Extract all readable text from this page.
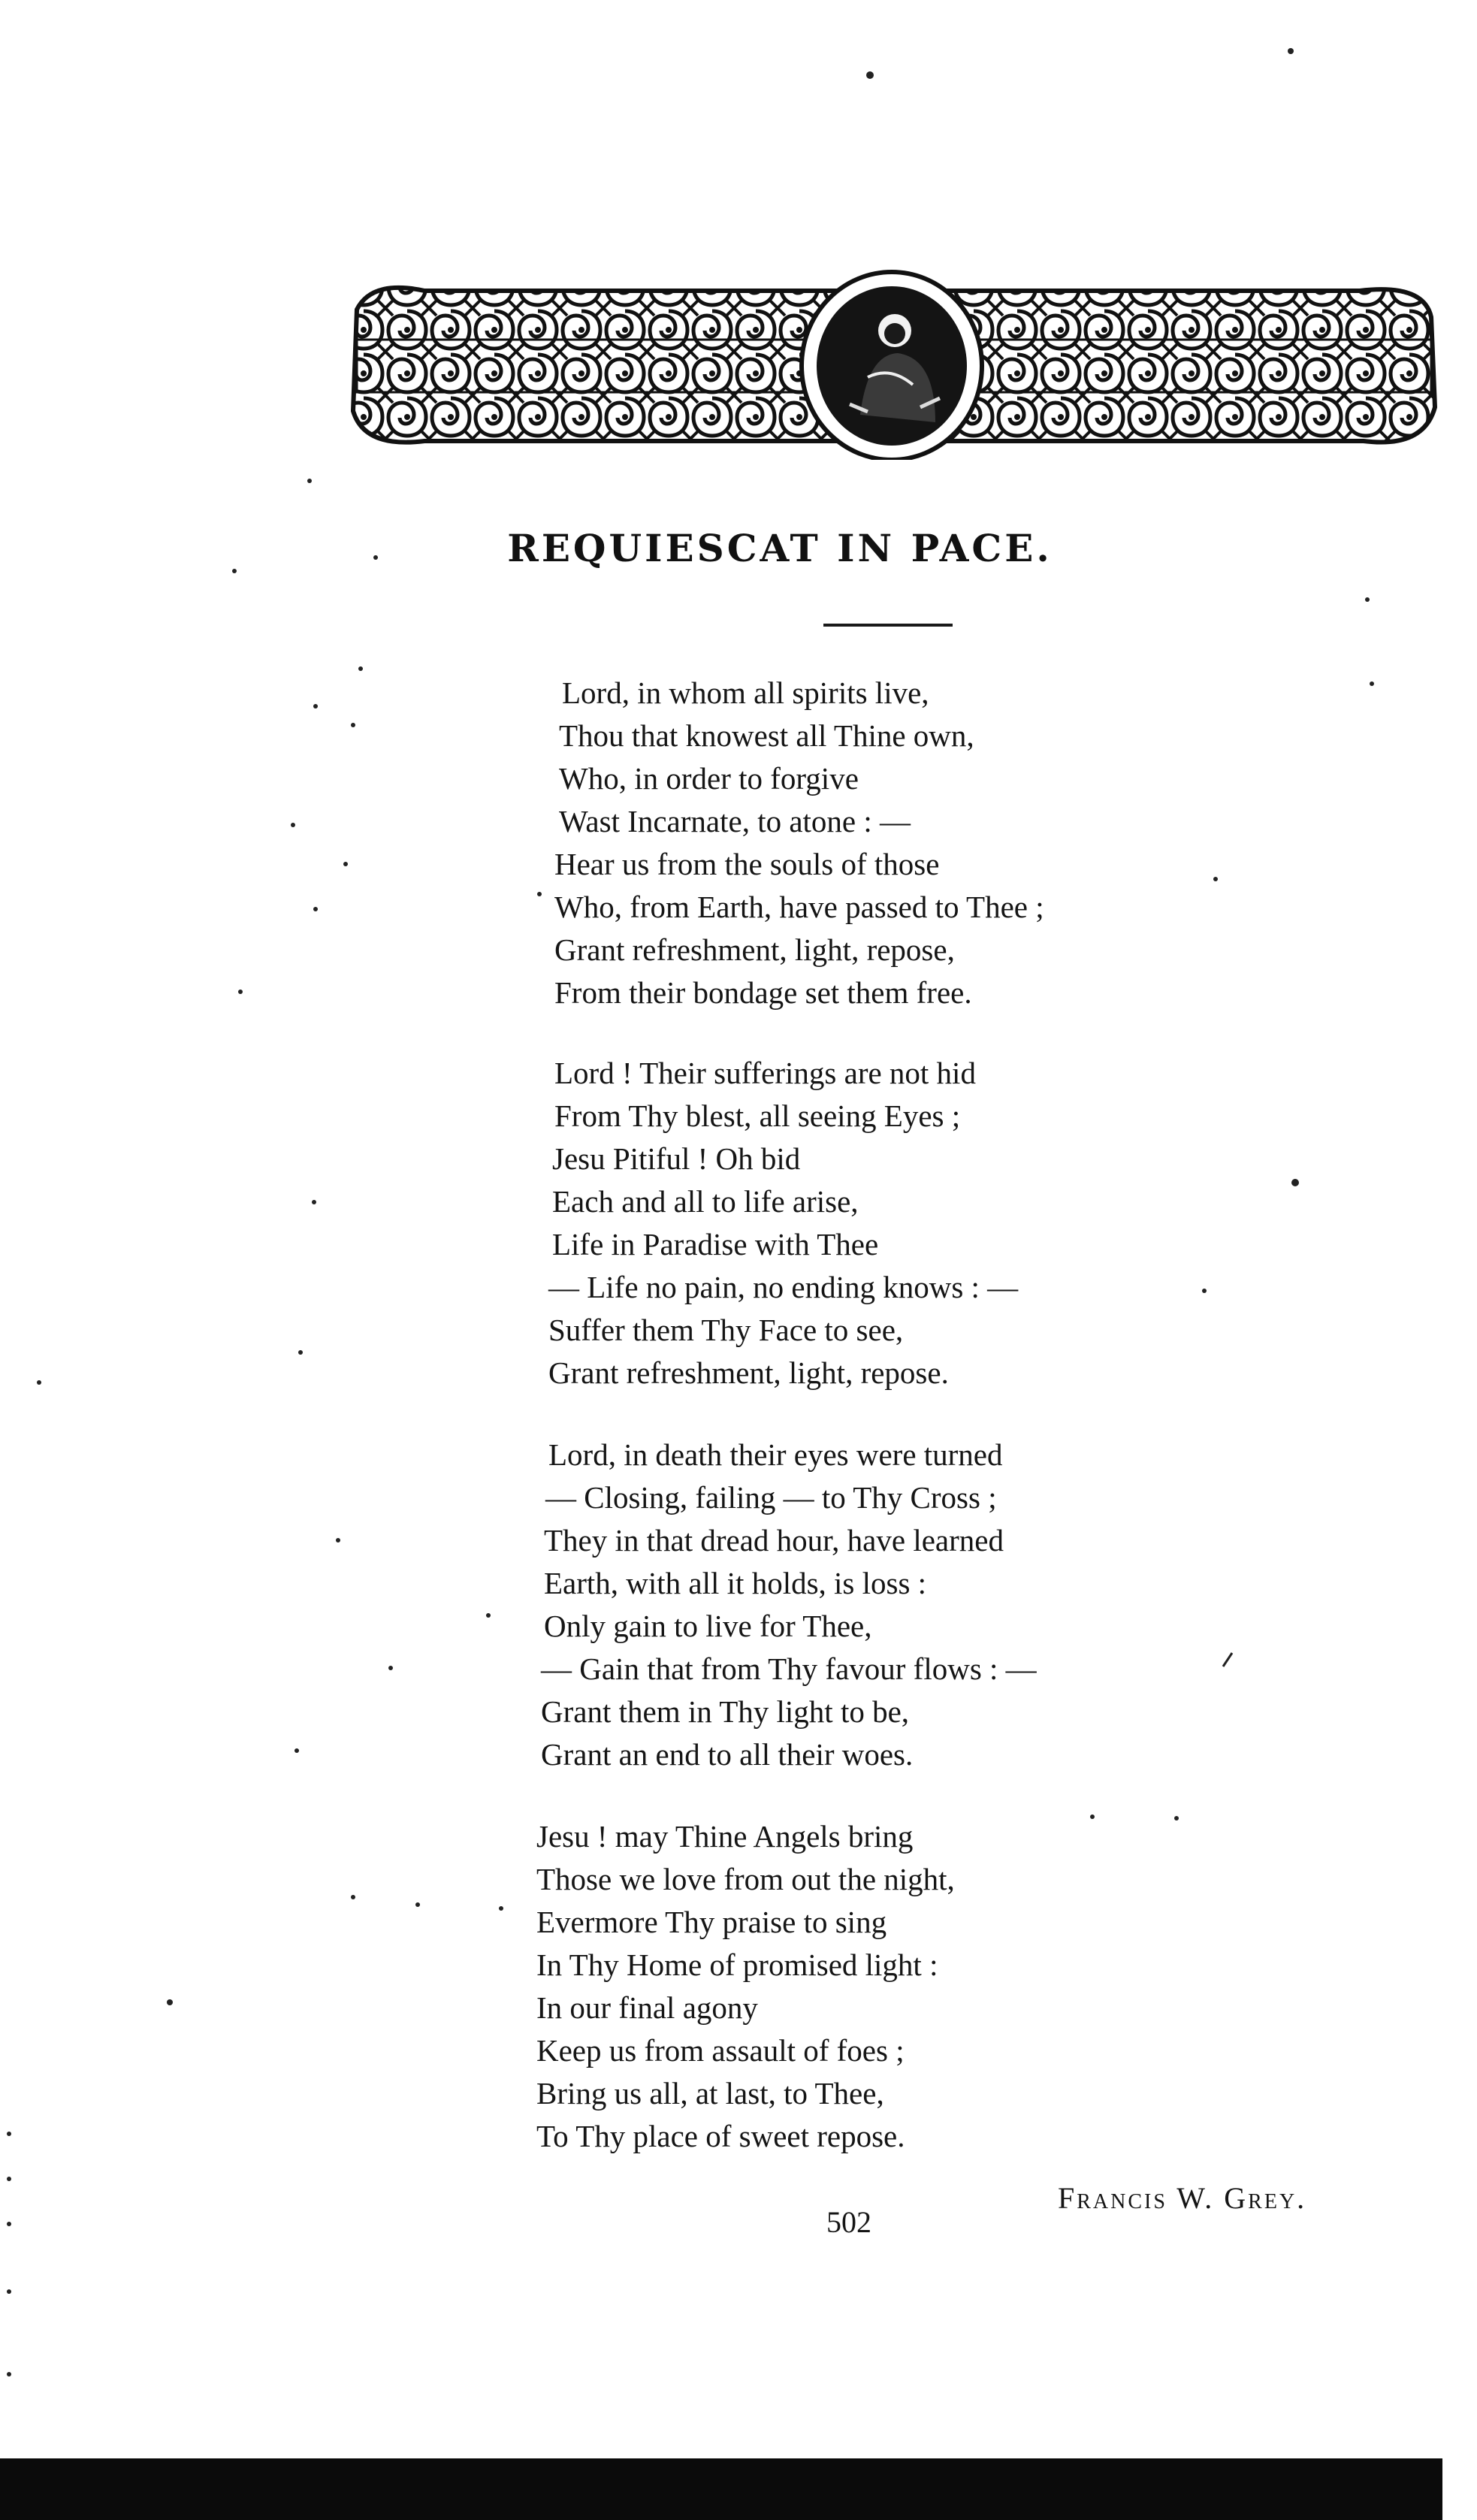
REQUIESCAT IN PACE.
Lord, in whom all spirits live,
Thou that knowest all Thine own,
Who, in order to forgive
Wast Incarnate, to atone : —
Hear us from the souls of those
Who, from Earth, have passed to Thee ;
Grant refreshment, light, repose,
From their bondage set them free.
Lord ! Their sufferings are not hid
From Thy blest, all seeing Eyes ;
Jesu Pitiful ! Oh bid
Each and all to life arise,
Life in Paradise with Thee
— Life no pain, no ending knows : —
Suffer them Thy Face to see,
Grant refreshment, light, repose.
Lord, in death their eyes were turned
— Closing, failing — to Thy Cross ;
They in that dread hour, have learned
Earth, with all it holds, is loss :
Only gain to live for Thee,
— Gain that from Thy favour flows : —
Grant them in Thy light to be,
Grant an end to all their woes.
Jesu ! may Thine Angels bring
Those we love from out the night,
Evermore Thy praise to sing
In Thy Home of promised light :
In our final agony
Keep us from assault of foes ;
Bring us all, at last, to Thee,
To Thy place of sweet repose.
Francis W. Grey.
502
